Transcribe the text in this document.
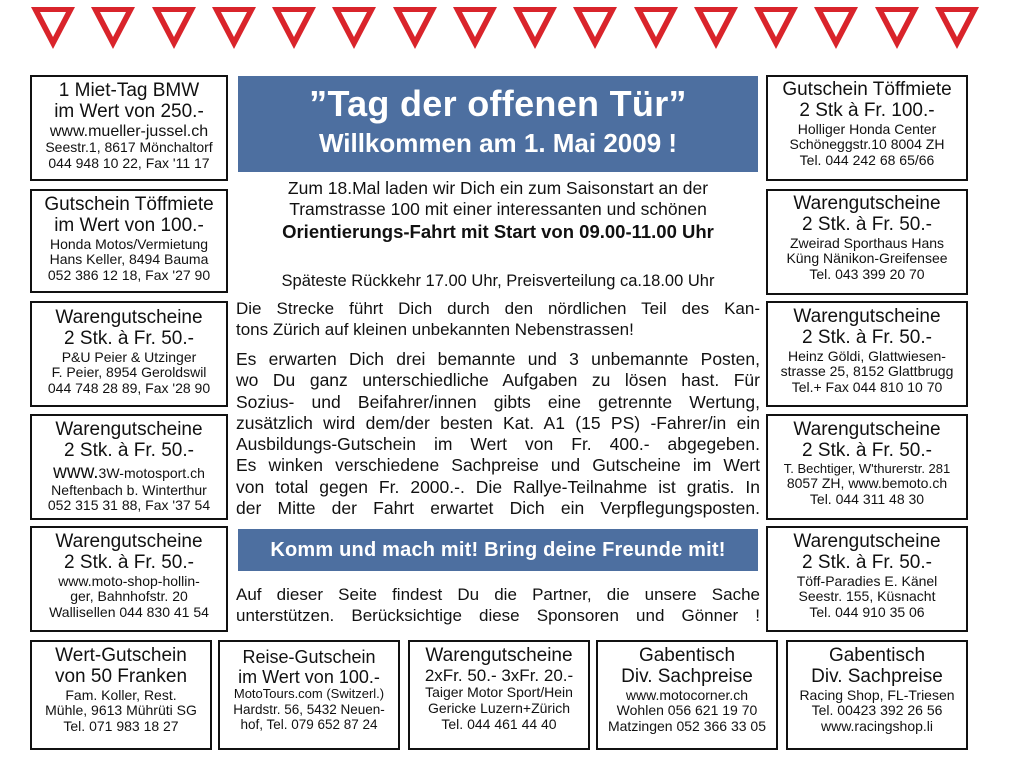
”Tag der offenen Tür”
Willkommen am 1. Mai 2009 !
Zum 18.Mal laden wir Dich ein zum Saisonstart an der
Tramstrasse 100 mit einer interessanten und schönen
Orientierungs-Fahrt mit Start von 09.00-11.00 Uhr
Späteste Rückkehr 17.00 Uhr, Preisverteilung ca.18.00 Uhr
Die Strecke führt Dich durch den nördlichen Teil des Kan-
tons Zürich auf kleinen unbekannten Nebenstrassen!
Es erwarten Dich drei bemannte und 3 unbemannte Posten,
wo Du ganz unterschiedliche Aufgaben zu lösen hast. Für
Sozius- und Beifahrer/innen gibts eine getrennte Wertung,
zusätzlich wird dem/der besten Kat. A1 (15 PS) -Fahrer/in ein
Ausbildungs-Gutschein im Wert von Fr. 400.- abgegeben.
Es winken verschiedene Sachpreise und Gutscheine im Wert
von total gegen Fr. 2000.-. Die Rallye-Teilnahme ist gratis. In
der Mitte der Fahrt erwartet Dich ein Verpflegungsposten.
Komm und mach mit! Bring deine Freunde mit!
Auf dieser Seite findest Du die Partner, die unsere Sache
unterstützen. Berücksichtige diese Sponsoren und Gönner !
1 Miet-Tag BMW
im Wert von 250.-
www.mueller-jussel.ch
Seestr.1, 8617 Mönchaltorf
044 948 10 22, Fax '11 17
Gutschein Töffmiete
im Wert von 100.-
Honda Motos/Vermietung
Hans Keller, 8494 Bauma
052 386 12 18, Fax '27 90
Warengutscheine
2 Stk. à Fr. 50.-
P&U Peier & Utzinger
F. Peier, 8954 Geroldswil
044 748 28 89, Fax '28 90
Warengutscheine
2 Stk. à Fr. 50.-
www.3W-motosport.ch
Neftenbach b. Winterthur
052 315 31 88, Fax '37 54
Warengutscheine
2 Stk. à Fr. 50.-
www.moto-shop-hollin-
ger, Bahnhofstr. 20
Wallisellen 044 830 41 54
Gutschein Töffmiete
2 Stk à Fr. 100.-
Holliger Honda Center
Schöneggstr.10 8004 ZH
Tel. 044 242 68 65/66
Warengutscheine
2 Stk. à Fr. 50.-
Zweirad Sporthaus Hans
Küng Nänikon-Greifensee
Tel. 043 399 20 70
Warengutscheine
2 Stk. à Fr. 50.-
Heinz Göldi, Glattwiesen-
strasse 25, 8152 Glattbrugg
Tel.+ Fax 044 810 10 70
Warengutscheine
2 Stk. à Fr. 50.-
T. Bechtiger, W'thurerstr. 281
8057 ZH, www.bemoto.ch
Tel. 044 311 48 30
Warengutscheine
2 Stk. à Fr. 50.-
Töff-Paradies E. Känel
Seestr. 155, Küsnacht
Tel. 044 910 35 06
Wert-Gutschein
von 50 Franken
Fam. Koller, Rest.
Mühle, 9613 Mührüti SG
Tel. 071 983 18 27
Reise-Gutschein
im Wert von 100.-
MotoTours.com (Switzerl.)
Hardstr. 56, 5432 Neuen-
hof, Tel. 079 652 87 24
Warengutscheine
2xFr. 50.- 3xFr. 20.-
Taiger Motor Sport/Hein
Gericke Luzern+Zürich
Tel. 044 461 44 40
Gabentisch
Div. Sachpreise
www.motocorner.ch
Wohlen 056 621 19 70
Matzingen 052 366 33 05
Gabentisch
Div. Sachpreise
Racing Shop, FL-Triesen
Tel. 00423 392 26 56
www.racingshop.li
